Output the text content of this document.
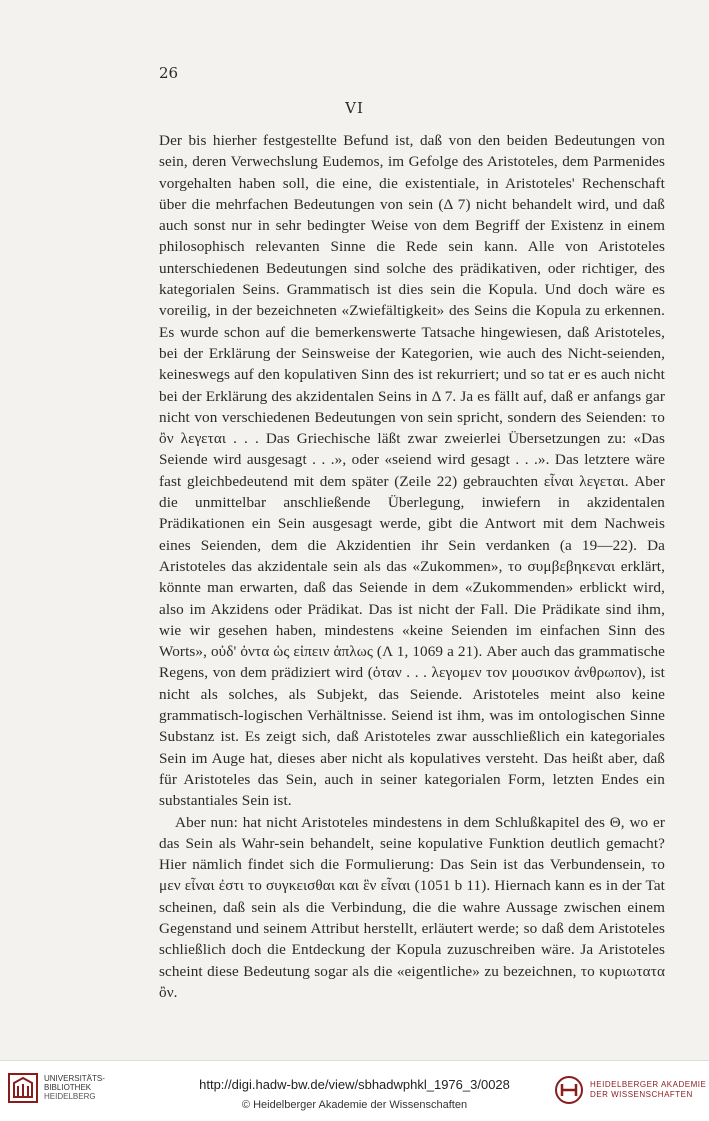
26
VI

Der bis hierher festgestellte Befund ist, daß von den beiden Bedeutungen von sein, deren Verwechslung Eudemos, im Gefolge des Aristoteles, dem Parmenides vorgehalten haben soll, die eine, die existentiale, in Aristoteles' Rechenschaft über die mehrfachen Bedeutungen von sein (Δ 7) nicht behandelt wird, und daß auch sonst nur in sehr bedingter Weise von dem Begriff der Existenz in einem philosophisch relevanten Sinne die Rede sein kann. Alle von Aristoteles unterschiedenen Bedeutungen sind solche des prädikativen, oder richtiger, des kategorialen Seins. Grammatisch ist dies sein die Kopula. Und doch wäre es voreilig, in der bezeichneten «Zwiefältigkeit» des Seins die Kopula zu erkennen. Es wurde schon auf die bemerkenswerte Tatsache hingewiesen, daß Aristoteles, bei der Erklärung der Seinsweise der Kategorien, wie auch des Nicht-seienden, keineswegs auf den kopulativen Sinn des ist rekurriert; und so tat er es auch nicht bei der Erklärung des akzidentalen Seins in Δ 7. Ja es fällt auf, daß er anfangs gar nicht von verschiedenen Bedeutungen von sein spricht, sondern des Seienden: το ὂν λεγεται . . . Das Griechische läßt zwar zweierlei Übersetzungen zu: «Das Seiende wird ausgesagt . . .», oder «seiend wird gesagt . . .». Das letztere wäre fast gleichbedeutend mit dem später (Zeile 22) gebrauchten εἶναι λεγεται. Aber die unmittelbar anschließende Überlegung, inwiefern in akzidentalen Prädikationen ein Sein ausgesagt werde, gibt die Antwort mit dem Nachweis eines Seienden, dem die Akzidentien ihr Sein verdanken (a 19—22). Da Aristoteles das akzidentale sein als das «Zukommen», το συμβεβηκεναι erklärt, könnte man erwarten, daß das Seiende in dem «Zukommenden» erblickt wird, also im Akzidens oder Prädikat. Das ist nicht der Fall. Die Prädikate sind ihm, wie wir gesehen haben, mindestens «keine Seienden im einfachen Sinn des Worts», οὐδ' ὀντα ὡς εἰπειν ἁπλως (Λ 1, 1069 a 21). Aber auch das grammatische Regens, von dem prädiziert wird (ὁταν . . . λεγομεν τον μουσικον ἀνθρωπον), ist nicht als solches, als Subjekt, das Seiende. Aristoteles meint also keine grammatisch-logischen Verhältnisse. Seiend ist ihm, was im ontologischen Sinne Substanz ist. Es zeigt sich, daß Aristoteles zwar ausschließlich ein kategoriales Sein im Auge hat, dieses aber nicht als kopulatives versteht. Das heißt aber, daß für Aristoteles das Sein, auch in seiner kategorialen Form, letzten Endes ein substantiales Sein ist.

Aber nun: hat nicht Aristoteles mindestens in dem Schlußkapitel des Θ, wo er das Sein als Wahr-sein behandelt, seine kopulative Funktion deutlich gemacht? Hier nämlich findet sich die Formulierung: Das Sein ist das Verbundensein, το μεν εἶναι ἐστι το συγκεισθαι και ἓν εἶναι (1051 b 11). Hiernach kann es in der Tat scheinen, daß sein als die Verbindung, die die wahre Aussage zwischen einem Gegenstand und seinem Attribut herstellt, erläutert werde; so daß dem Aristoteles schließlich doch die Entdeckung der Kopula zuzuschreiben wäre. Ja Aristoteles scheint diese Bedeutung sogar als die «eigentliche» zu bezeichnen, το κυριωτατα ὂν.

UNIVERSITÄTS-
BIBLIOTHEK
HEIDELBERG
http://digi.hadw-bw.de/view/sbhadwphkl_1976_3/0028
© Heidelberger Akademie der Wissenschaften
HEIDELBERGER AKADEMIE
DER WISSENSCHAFTEN
